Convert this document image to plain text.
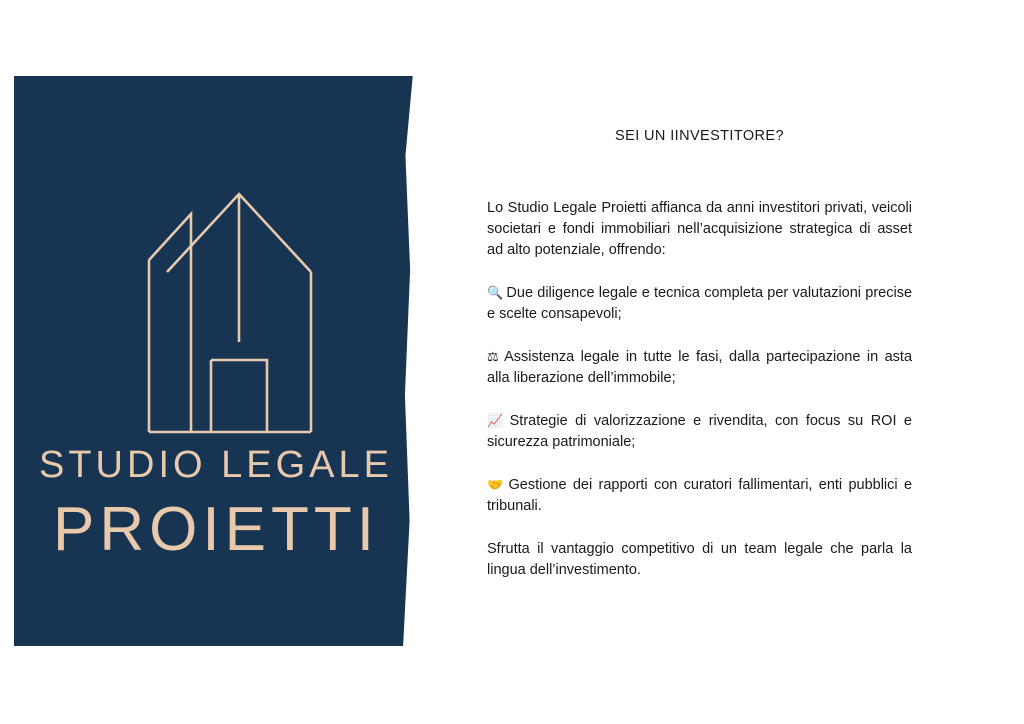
STUDIO LEGALE
PROIETTI
SEI UN IINVESTITORE?

Lo Studio Legale Proietti affianca da anni investitori privati, veicoli societari e fondi immobiliari nell’acquisizione strategica di asset ad alto potenziale, offrendo:

🔍 Due diligence legale e tecnica completa per valutazioni precise e scelte consapevoli;

⚖ Assistenza legale in tutte le fasi, dalla partecipazione in asta alla liberazione dell’immobile;

📈 Strategie di valorizzazione e rivendita, con focus su ROI e sicurezza patrimoniale;

🤝 Gestione dei rapporti con curatori fallimentari, enti pubblici e tribunali.

Sfrutta il vantaggio competitivo di un team legale che parla la lingua dell’investimento.
